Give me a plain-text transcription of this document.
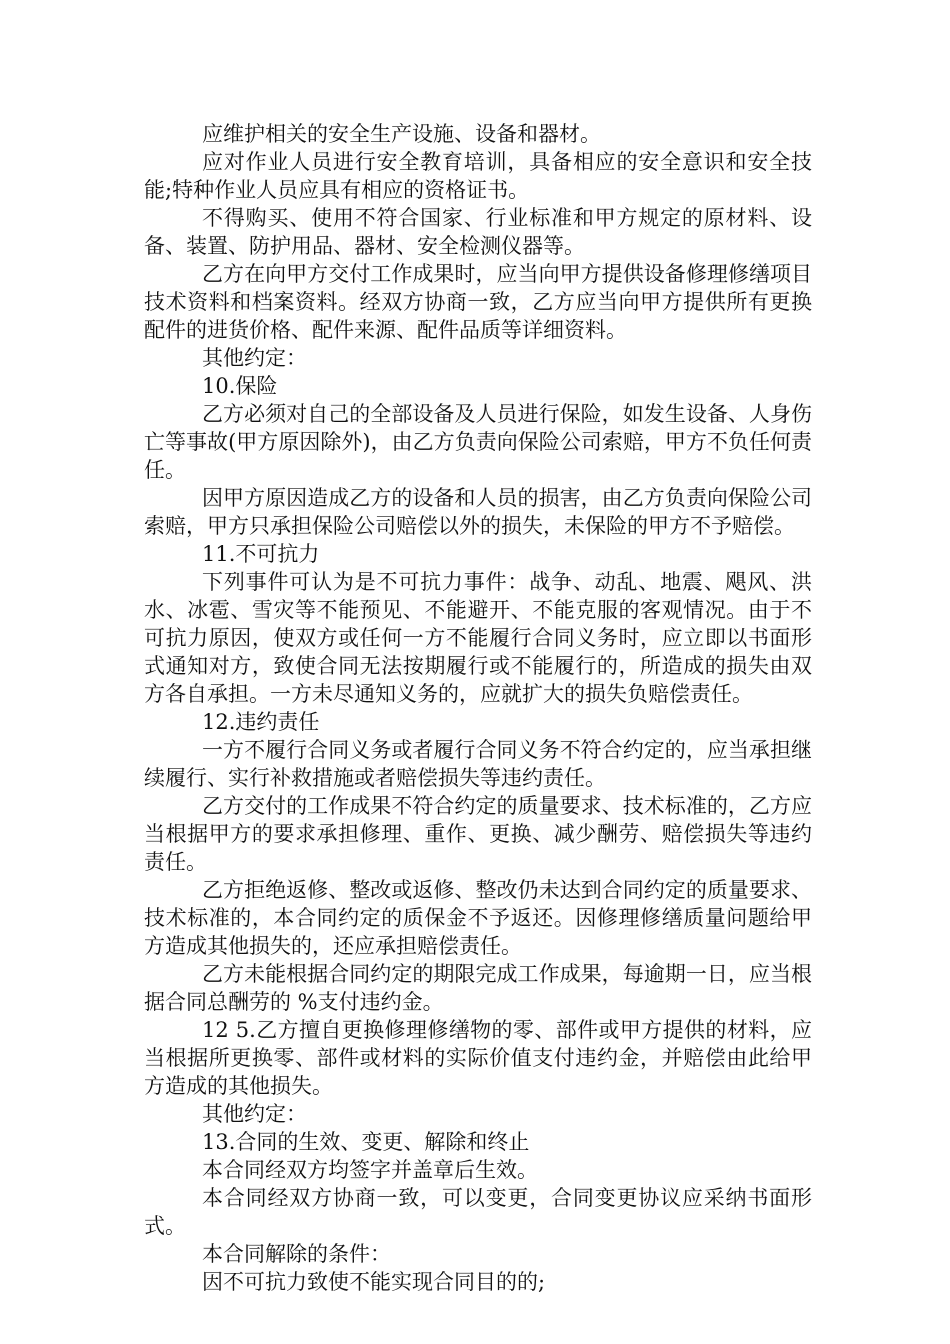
应维护相关的安全生产设施、设备和器材。

应对作业人员进行安全教育培训，具备相应的安全意识和安全技能;特种作业人员应具有相应的资格证书。

不得购买、使用不符合国家、行业标准和甲方规定的原材料、设备、装置、防护用品、器材、安全检测仪器等。

乙方在向甲方交付工作成果时，应当向甲方提供设备修理修缮项目技术资料和档案资料。经双方协商一致，乙方应当向甲方提供所有更换配件的进货价格、配件来源、配件品质等详细资料。

其他约定：

10.保险

乙方必须对自己的全部设备及人员进行保险，如发生设备、人身伤亡等事故(甲方原因除外)，由乙方负责向保险公司索赔，甲方不负任何责任。

因甲方原因造成乙方的设备和人员的损害，由乙方负责向保险公司索赔，甲方只承担保险公司赔偿以外的损失，未保险的甲方不予赔偿。

11.不可抗力

下列事件可认为是不可抗力事件：战争、动乱、地震、飓风、洪水、冰雹、雪灾等不能预见、不能避开、不能克服的客观情况。由于不可抗力原因，使双方或任何一方不能履行合同义务时，应立即以书面形式通知对方，致使合同无法按期履行或不能履行的，所造成的损失由双方各自承担。一方未尽通知义务的，应就扩大的损失负赔偿责任。

12.违约责任

一方不履行合同义务或者履行合同义务不符合约定的，应当承担继续履行、实行补救措施或者赔偿损失等违约责任。

乙方交付的工作成果不符合约定的质量要求、技术标准的，乙方应当根据甲方的要求承担修理、重作、更换、减少酬劳、赔偿损失等违约责任。

乙方拒绝返修、整改或返修、整改仍未达到合同约定的质量要求、技术标准的，本合同约定的质保金不予返还。因修理修缮质量问题给甲方造成其他损失的，还应承担赔偿责任。

乙方未能根据合同约定的期限完成工作成果，每逾期一日，应当根据合同总酬劳的 %支付违约金。

12 5.乙方擅自更换修理修缮物的零、部件或甲方提供的材料，应当根据所更换零、部件或材料的实际价值支付违约金，并赔偿由此给甲方造成的其他损失。

其他约定：

13.合同的生效、变更、解除和终止

本合同经双方均签字并盖章后生效。

本合同经双方协商一致，可以变更，合同变更协议应采纳书面形式。

本合同解除的条件：

因不可抗力致使不能实现合同目的的;
